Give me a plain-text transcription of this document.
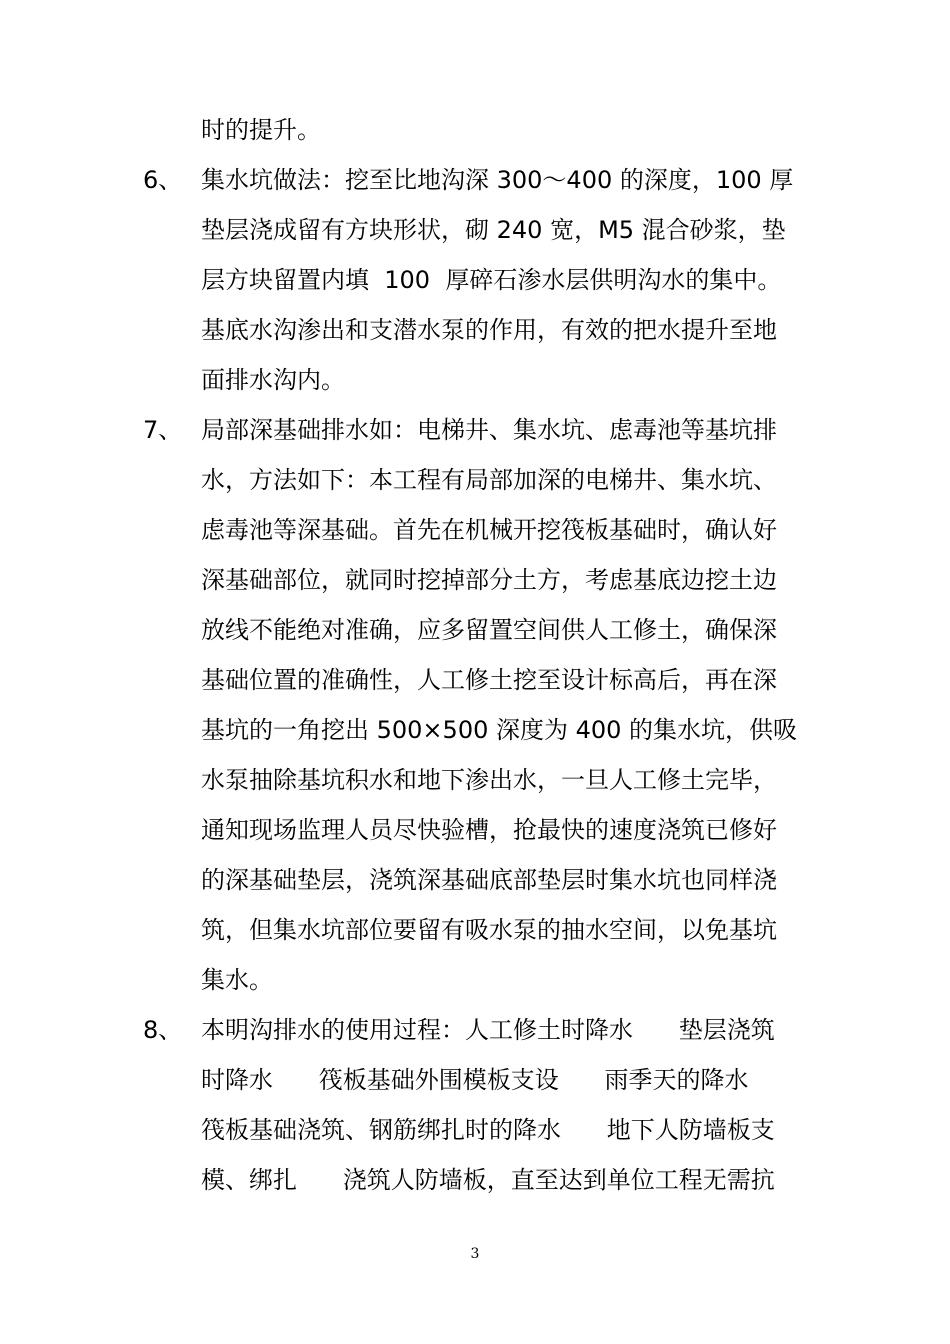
时的提升。

6、

集水坑做法：挖至比地沟深 300～400 的深度，100 厚

垫层浇成留有方块形状，砌 240 宽，M5 混合砂浆，垫

层方块留置内填  100  厚碎石渗水层供明沟水的集中。

基底水沟渗出和支潜水泵的作用，有效的把水提升至地

面排水沟内。

7、

局部深基础排水如：电梯井、集水坑、虑毒池等基坑排

水，方法如下：本工程有局部加深的电梯井、集水坑、

虑毒池等深基础。首先在机械开挖筏板基础时，确认好

深基础部位，就同时挖掉部分土方，考虑基底边挖土边

放线不能绝对准确，应多留置空间供人工修土，确保深

基础位置的准确性，人工修土挖至设计标高后，再在深

基坑的一角挖出 500×500 深度为 400 的集水坑，供吸

水泵抽除基坑积水和地下渗出水，一旦人工修土完毕，

通知现场监理人员尽快验槽，抢最快的速度浇筑已修好

的深基础垫层，浇筑深基础底部垫层时集水坑也同样浇

筑，但集水坑部位要留有吸水泵的抽水空间，以免基坑

集水。

8、

本明沟排水的使用过程：人工修土时降水      垫层浇筑

时降水      筏板基础外围模板支设      雨季天的降水

筏板基础浇筑、钢筋绑扎时的降水      地下人防墙板支

模、绑扎      浇筑人防墙板，直至达到单位工程无需抗

3
